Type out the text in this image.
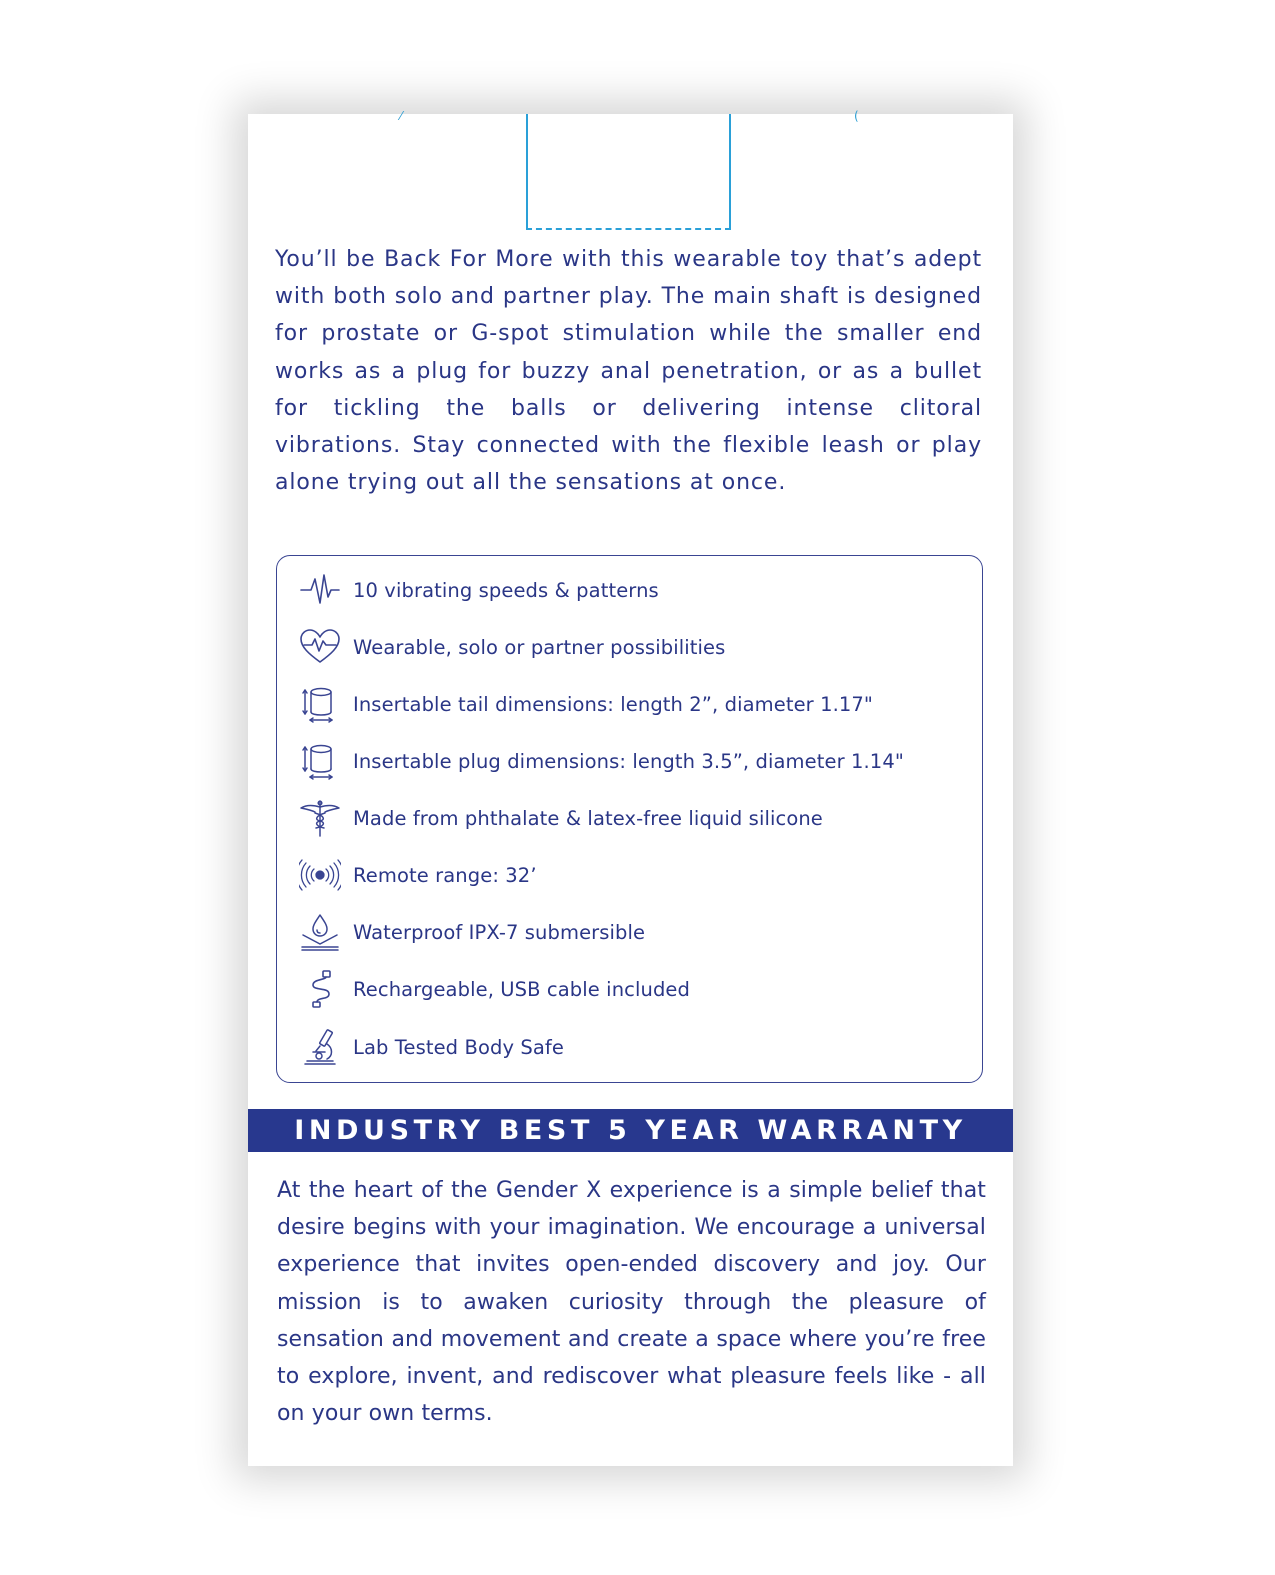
⁄	(

You’ll be Back For More with this wearable toy that’s adept with both solo and partner play. The main shaft is designed for prostate or G-spot stimulation while the smaller end works as a plug for buzzy anal penetration, or as a bullet for tickling the balls or delivering intense clitoral vibrations. Stay connected with the flexible leash or play alone trying out all the sensations at once.

10 vibrating speeds & patterns
Wearable, solo or partner possibilities
Insertable tail dimensions: length 2”, diameter 1.17"
Insertable plug dimensions: length 3.5”, diameter 1.14"
Made from phthalate & latex-free liquid silicone
Remote range: 32’
Waterproof IPX-7 submersible
Rechargeable, USB cable included
Lab Tested Body Safe
INDUSTRY BEST 5 YEAR WARRANTY

At the heart of the Gender X experience is a simple belief that desire begins with your imagination. We encourage a universal experience that invites open-ended discovery and joy. Our mission is to awaken curiosity through the pleasure of sensation and movement and create a space where you’re free to explore, invent, and rediscover what pleasure feels like - all on your own terms.
